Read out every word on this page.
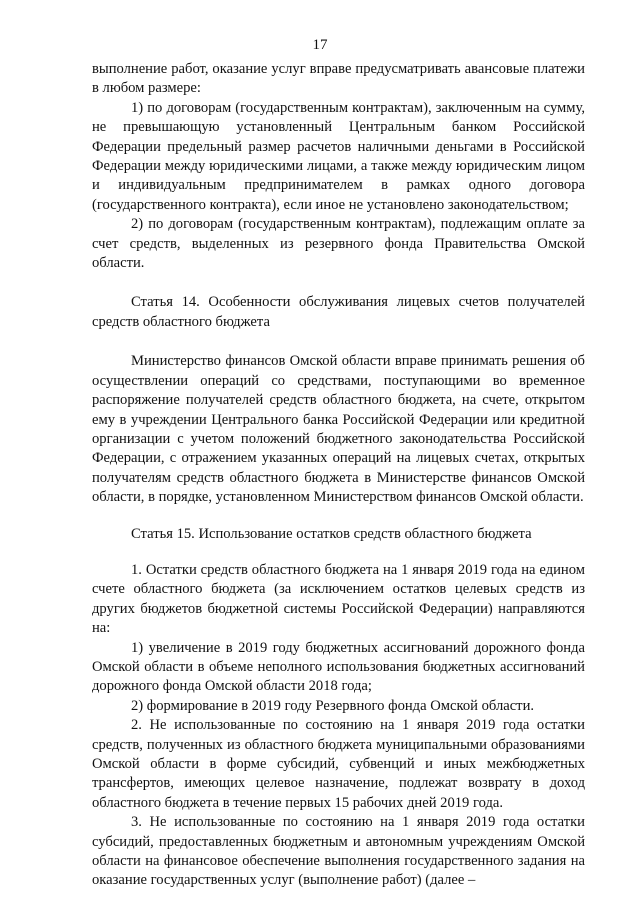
17

выполнение работ, оказание услуг вправе предусматривать авансовые платежи в любом размере:

1) по договорам (государственным контрактам), заключенным на сумму, не превышающую установленный Центральным банком Российской Федерации предельный размер расчетов наличными деньгами в Российской Федерации между юридическими лицами, а также между юридическим лицом и индивидуальным предпринимателем в рамках одного договора (государственного контракта), если иное не установлено законодательством;

2) по договорам (государственным контрактам), подлежащим оплате за счет средств, выделенных из резервного фонда Правительства Омской области.

Статья 14. Особенности обслуживания лицевых счетов получателей средств областного бюджета

Министерство финансов Омской области вправе принимать решения об осуществлении операций со средствами, поступающими во временное распоряжение получателей средств областного бюджета, на счете, открытом ему в учреждении Центрального банка Российской Федерации или кредитной организации с учетом положений бюджетного законодательства Российской Федерации, с отражением указанных операций на лицевых счетах, открытых получателям средств областного бюджета в Министерстве финансов Омской области, в порядке, установленном Министерством финансов Омской области.

Статья 15. Использование остатков средств областного бюджета

1. Остатки средств областного бюджета на 1 января 2019 года на едином счете областного бюджета (за исключением остатков целевых средств из других бюджетов бюджетной системы Российской Федерации) направляются на:

1) увеличение в 2019 году бюджетных ассигнований дорожного фонда Омской области в объеме неполного использования бюджетных ассигнований дорожного фонда Омской области 2018 года;

2) формирование в 2019 году Резервного фонда Омской области.

2. Не использованные по состоянию на 1 января 2019 года остатки средств, полученных из областного бюджета муниципальными образованиями Омской области в форме субсидий, субвенций и иных межбюджетных трансфертов, имеющих целевое назначение, подлежат возврату в доход областного бюджета в течение первых 15 рабочих дней 2019 года.

3. Не использованные по состоянию на 1 января 2019 года остатки субсидий, предоставленных бюджетным и автономным учреждениям Омской области на финансовое обеспечение выполнения государственного задания на оказание государственных услуг (выполнение работ) (далее –
